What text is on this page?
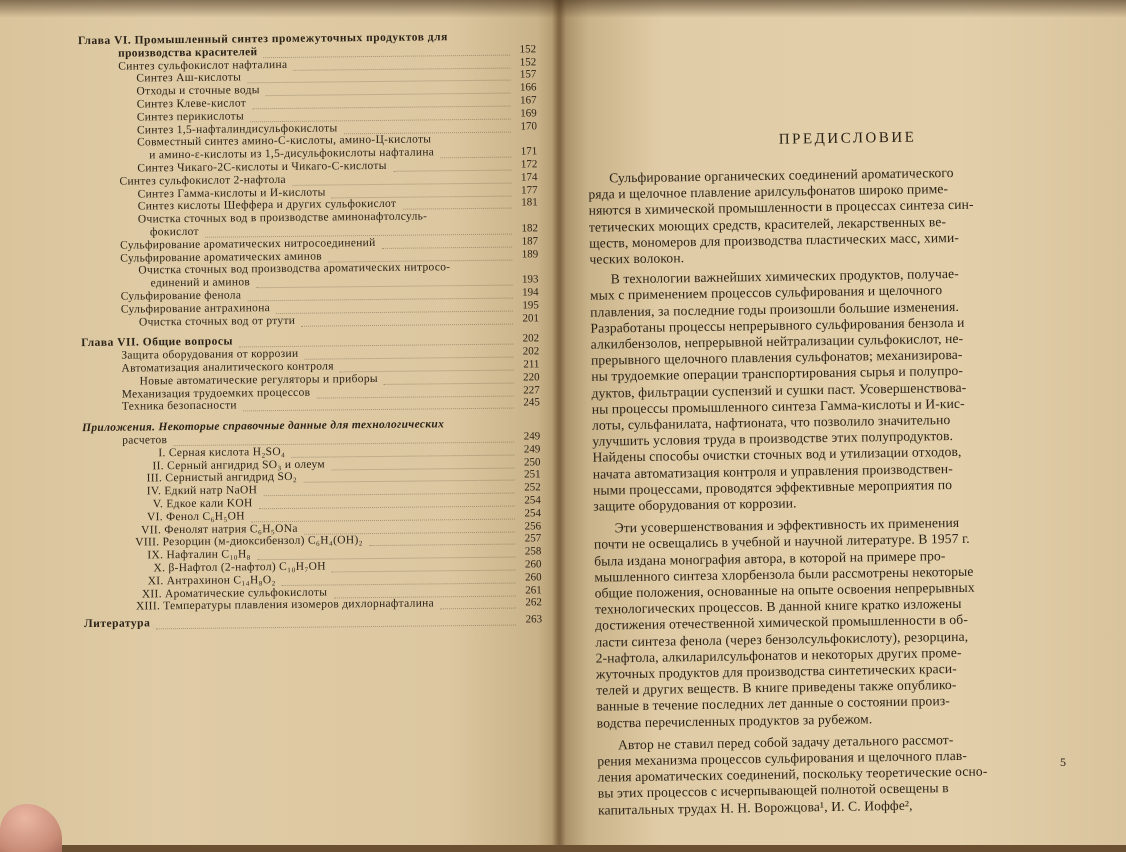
Глава VI. Промышленный синтез промежуточных продуктов для
производства красителей	152
Синтез сульфокислот нафталина	152
Синтез Аш-кислоты	157
Отходы и сточные воды	166
Синтез Клеве-кислот	167
Синтез перикислоты	169
Синтез 1,5-нафталиндисульфокислоты	170
Совместный синтез амино-С-кислоты, амино-Ц-кислоты
и амино-ε-кислоты из 1,5-дисульфокислоты нафталина	171
Синтез Чикаго-2С-кислоты и Чикаго-С-кислоты	172
Синтез сульфокислот 2-нафтола	174
Синтез Гамма-кислоты и И-кислоты	177
Синтез кислоты Шеффера и других сульфокислот	181
Очистка сточных вод в производстве аминонафтолсуль-
фокислот	182
Сульфирование ароматических нитросоединений	187
Сульфирование ароматических аминов	189
Очистка сточных вод производства ароматических нитросо-
единений и аминов	193
Сульфирование фенола	194
Сульфирование антрахинона	195
Очистка сточных вод от ртути	201
Глава VII. Общие вопросы	202
Защита оборудования от коррозии	202
Автоматизация аналитического контроля	211
Новые автоматические регуляторы и приборы	220
Механизация трудоемких процессов	227
Техника безопасности	245
Приложения. Некоторые справочные данные для технологических
расчетов	249
I. Серная кислота H₂SO₄	249
II. Серный ангидрид SO₃ и олеум	250
III. Сернистый ангидрид SO₂	251
IV. Едкий натр NaOH	252
V. Едкое кали KOH	254
VI. Фенол C₆H₅OH	254
VII. Фенолят натрия C₆H₅ONa	256
VIII. Резорцин (м-диоксибензол) C₆H₄(OH)₂	257
IX. Нафталин C₁₀H₈	258
X. β-Нафтол (2-нафтол) C₁₀H₇OH	260
XI. Антрахинон C₁₄H₈O₂	260
XII. Ароматические сульфокислоты	261
XIII. Температуры плавления изомеров дихлорнафталина	262
Литература	263
ПРЕДИСЛОВИЕ
Сульфирование органических соединений ароматического
ряда и щелочное плавление арилсульфонатов широко приме-
няются в химической промышленности в процессах синтеза син-
тетических моющих средств, красителей, лекарственных ве-
ществ, мономеров для производства пластических масс, хими-
ческих волокон.
В технологии важнейших химических продуктов, получае-
мых с применением процессов сульфирования и щелочного
плавления, за последние годы произошли большие изменения.
Разработаны процессы непрерывного сульфирования бензола и
алкилбензолов, непрерывной нейтрализации сульфокислот, не-
прерывного щелочного плавления сульфонатов; механизирова-
ны трудоемкие операции транспортирования сырья и полупро-
дуктов, фильтрации суспензий и сушки паст. Усовершенствова-
ны процессы промышленного синтеза Гамма-кислоты и И-кис-
лоты, сульфанилата, нафтионата, что позволило значительно
улучшить условия труда в производстве этих полупродуктов.
Найдены способы очистки сточных вод и утилизации отходов,
начата автоматизация контроля и управления производствен-
ными процессами, проводятся эффективные мероприятия по
защите оборудования от коррозии.
Эти усовершенствования и эффективность их применения
почти не освещались в учебной и научной литературе. В 1957 г.
была издана монография автора, в которой на примере про-
мышленного синтеза хлорбензола были рассмотрены некоторые
общие положения, основанные на опыте освоения непрерывных
технологических процессов. В данной книге кратко изложены
достижения отечественной химической промышленности в об-
ласти синтеза фенола (через бензолсульфокислоту), резорцина,
2-нафтола, алкиларилсульфонатов и некоторых других проме-
жуточных продуктов для производства синтетических краси-
телей и других веществ. В книге приведены также опублико-
ванные в течение последних лет данные о состоянии произ-
водства перечисленных продуктов за рубежом.
Автор не ставил перед собой задачу детального рассмот-
рения механизма процессов сульфирования и щелочного плав-
ления ароматических соединений, поскольку теоретические осно-
вы этих процессов с исчерпывающей полнотой освещены в
капитальных трудах Н. Н. Ворожцова¹, И. С. Иоффе²,
5
